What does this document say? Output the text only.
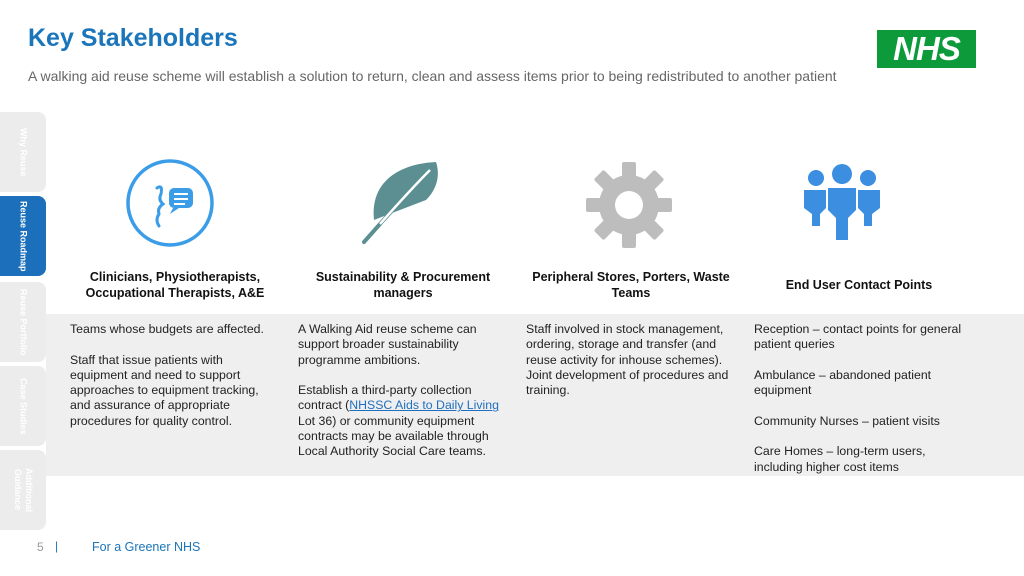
Key Stakeholders
A walking aid reuse scheme will establish a solution to return, clean and assess items prior to being redistributed to another patient
NHS
Why Reuse
Reuse Roadmap
Reuse Portfolio
Case Studies
Additional Guidance
Clinicians, Physiotherapists, Occupational Therapists, A&E

Teams whose budgets are affected.

Staff that issue patients with equipment and need to support approaches to equipment tracking, and assurance of appropriate procedures for quality control.

Sustainability & Procurement managers

A Walking Aid reuse scheme can support broader sustainability programme ambitions.

Establish a third-party collection contract (NHSSC Aids to Daily Living Lot 36) or community equipment contracts may be available through Local Authority Social Care teams.

Peripheral Stores, Porters, Waste Teams

Staff involved in stock management, ordering, storage and transfer (and reuse activity for inhouse schemes). Joint development of procedures and training.

End User Contact Points

Reception – contact points for general patient queries

Ambulance – abandoned patient equipment

Community Nurses – patient visits

Care Homes – long-term users, including higher cost items

5 |	For a Greener NHS
